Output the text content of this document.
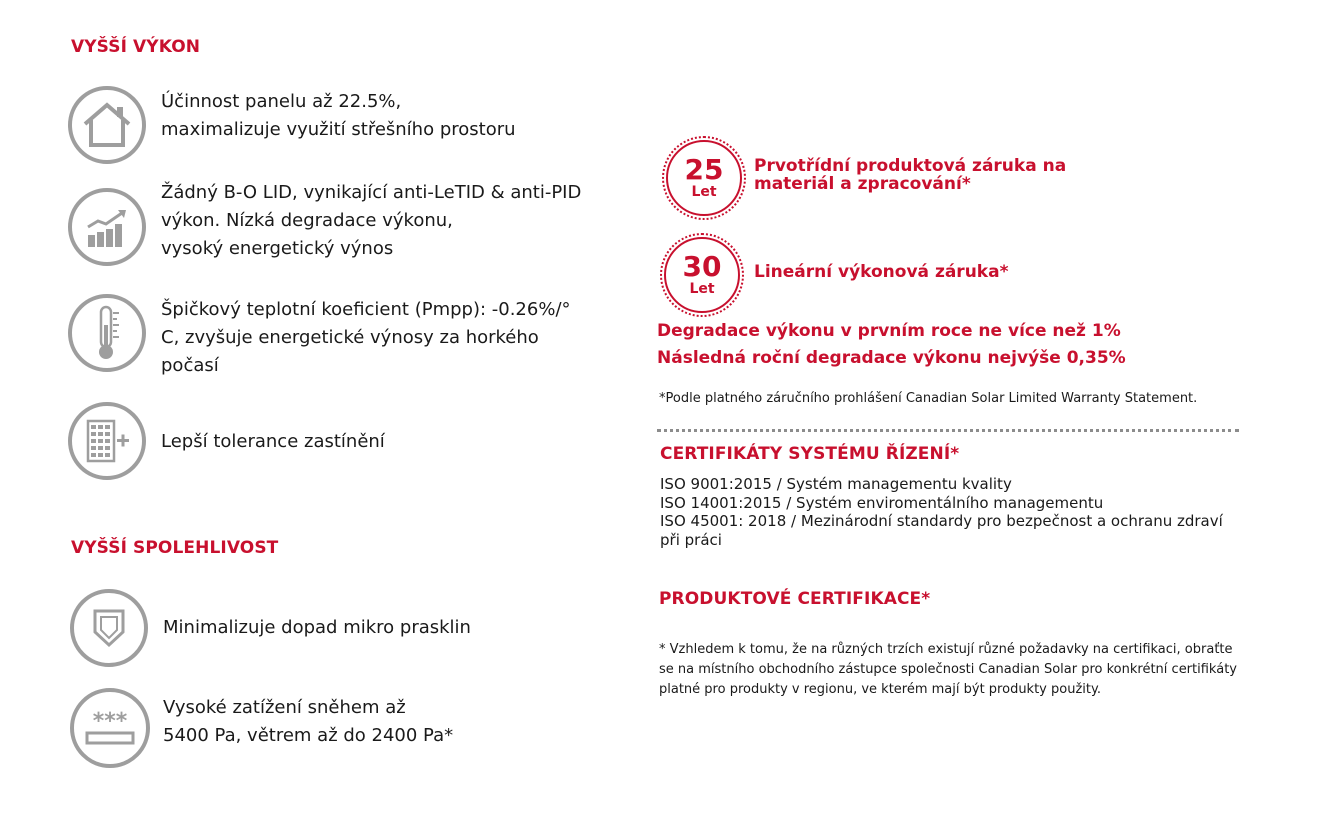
VYŠŠÍ VÝKON
Účinnost panelu až 22.5%,
maximalizuje využití střešního prostoru
Žádný B-O LID, vynikající anti-LeTID & anti-PID
výkon. Nízká degradace výkonu,
vysoký energetický výnos
Špičkový teplotní koeficient (Pmpp): -0.26%/°
C, zvyšuje energetické výnosy za horkého
počasí
Lepší tolerance zastínění
VYŠŠÍ SPOLEHLIVOST
Minimalizuje dopad mikro prasklin
***
Vysoké zatížení sněhem až
5400 Pa, větrem až do 2400 Pa*
25
Let
Prvotřídní produktová záruka na
materiál a zpracování*
30
Let
Lineární výkonová záruka*
Degradace výkonu v prvním roce ne více než 1%
Následná roční degradace výkonu nejvýše 0,35%
*Podle platného záručního prohlášení Canadian Solar Limited Warranty Statement.
CERTIFIKÁTY SYSTÉMU ŘÍZENÍ*
ISO 9001:2015 / Systém managementu kvality
ISO 14001:2015 / Systém enviromentálního managementu
ISO 45001: 2018 / Mezinárodní standardy pro bezpečnost a ochranu zdraví
při práci
PRODUKTOVÉ CERTIFIKACE*
* Vzhledem k tomu, že na různých trzích existují různé požadavky na certifikaci, obraťte
se na místního obchodního zástupce společnosti Canadian Solar pro konkrétní certifikáty
platné pro produkty v regionu, ve kterém mají být produkty použity.
